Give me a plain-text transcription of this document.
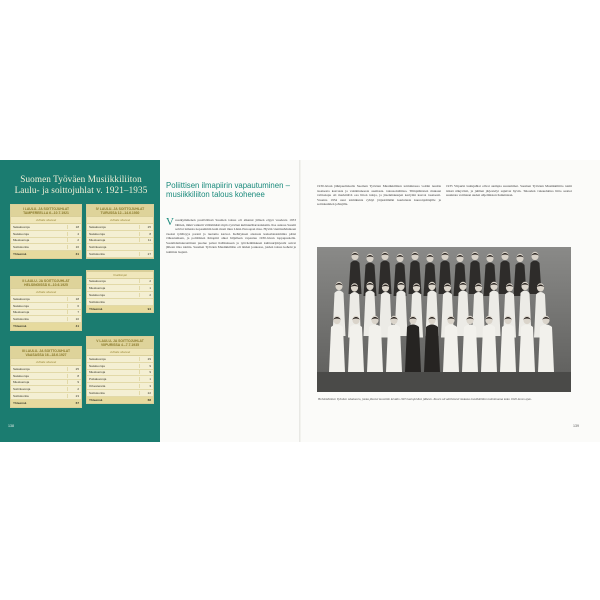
Suomen Työväen Musiikkiliiton
Laulu- ja soittojuhlat v. 1921–1935
I LAULU- JA SOITTOJUHLAT TAMPEREELLA 6.–10.7.1921
Juhlaile ottaneet
Sekakuoroja	18
Naiskuoroja	4
Mieskuoroja	2
Soittokuntia	16
Yhteensä	31
II LAULU- JA SOITTOJUHLAT HELSINGISSÄ 6.–10.6.1925
Juhlaile ottaneet
Sekakuoroja	18
Naiskuoroja	6
Mieskuoroja	7
Soittokuntia	10
Yhteensä	41
III LAULU- JA SOITTOJUHLAT VAASASSA 16.–18.6.1927
Juhlaile ottaneet
Sekakuoroja	25
Naiskuoroja	8
Mieskuoroja	9
Soitinkuoroja	2
Soittokuntia	23
Yhteensä	67
IV LAULU- JA SOITTOJUHLAT TURUSSA 12.–14.6.1930
Juhlaile ottaneet
Sekakuoroja	25
Naiskuoroja	8
Mieskuoroja	11
Soitinkuoroja
Soittokuntia	27
Osallistujat
Sekakuoroja	2
Mieskuoroja	1
Naiskuoroja	2
Soittokuntia
Yhteensä	94
V LAULU- JA SOITTOJUHLAT VIIPURISSA 4.–7.7.1935
Juhlaile ottaneet
Sekakuoroja	29
Naiskuoroja	9
Mieskuoroja	9
Poikakuoroja	1
Orkestereita	3
Soittokuntia	22
Yhteensä	68
138
Poliittisen ilmapiirin vapautuminen – musiikkiliiton talous kohenee
Vuosikymmenen puolivälissä Suomen talous oli alkanut jälleen elpyä vuodesta 1933 lähtien, mikä vaikutti välittömästi myös työväen kulttuuriharrastuksiin. Itse asiassa Suomi selvisi lamasta nopeammin kuin moni muu Länsi-Euroopan maa. Hyvän vientisuhdanteen vuoksi työllisyys parani ja tuotanto kasvoi. Kehityksen ansiosta kansalaistoiminta pääsi vilkastumaan, ja poliittinen ilmapiiri alkoi hiljalleen vapautua 1930-luvun loppupuolella. Sosialidemokraattinen puolue palasi hallitukseen ja työväenliikkeen kulttuurijärjestöt saivat jälleen tilaa toimia. Suomen Työväen Musiikkiliitto oli niiden joukossa, joiden talous koheni ja toiminta laajeni.
1930-luvun jälkipuoliskolla Suomen Työväen Musiikkiliiton toiminnassa voitiin nauttia tasaisesta kasvusta ja vakiintuneesta asemasta. talousoloihinsa. Tilinpäätösten mukaan valtionapu oli merkittävä osa liiton tuloja, ja jäsenmaksujen kertymä kasvoi tasaisesti. Vuonna 1934 uusi toimikunta ryhtyi järjestämään koulutusta kuoronjohtajille ja soittokuntien johtajille.
1935 Viipurin laulujuhlat olivat aiempia suuremmat. Suomen Työväen Musiikkiliitto toimi niissä näkyvästi, ja juhlien järjestelyt sujuivat hyvin. Talouden vakauduttua liitto saattoi suunnata voimiaan uuden ohjelmiston hankintaan.
Helsinkiläinen Työväen sekakuoro, jonka jäsenet kuvattiin kevään 1925 laulujuhlien jälkeen. Kuoro oli aktiivisesti mukana musiikkiliiton toiminnassa koko 1920-luvun ajan.
139
